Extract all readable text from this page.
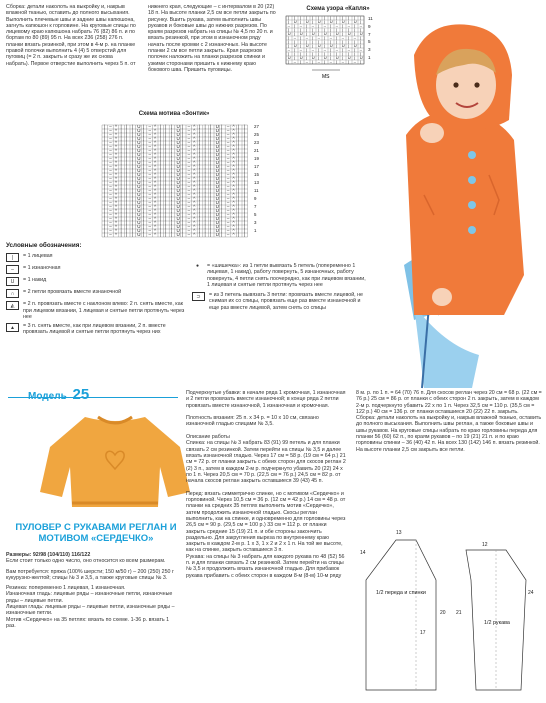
Сборка: детали наколоть на выкройку и, накрыв влажной тканью, оставить до полного высыхания. Выполнить плечевые швы и задние швы капюшона, загнуть капюшон к горловине. На круговые спицы по лицевому краю капюшона набрать 76 (82) 86 п. и по бортам по 80 (89) 95 п. На всех 236 (258) 276 п. планки вязать резинкой, при этом в 4-м р. на планке правой полочки выполнить 4 (4) 5 отверстий для пуговиц (= 2 п. закрыть и сразу же их снова набрать). Первое отверстие выполнить через 5 п. от

нижнего края, следующие – с интервалом в 20 (22) 18 п. На высоте планки 2,5 см все петли закрыть по рисунку. Вшить рукава, затем выполнить швы рукавов и боковые швы до нижних разрезов. По краям разрезов набрать на спицы № 4,5 по 20 п. и вязать резинкой, при этом в изнаночном ряду начать после кромки с 2 изнаночных. На высоте планки 2 см все петли закрыть. Края разрезов полочек наложить на планки разрезов спинки и узкими сторонами пришить к нижнему краю бокового шва. Пришить пуговицы.

Схема узора «Капля»
| | | | | | | | | | | | |
| U | U | U | U | U | U |
– | – | – | – | – | – | –
| | | | | | | | | | | | |
U | U | U | U | U | U | U
| – | – | – | – | – | – |
| | | | | | | | | | | | |
| U | U | U | U | U | U |
– | – | – | – | – | – | –
| | | | | | | | | | | | |
U | U | U | U | U | U | U
| – | – | – | – | – | – |
MS
11
9
7
5
3
1
Схема мотива «Зонтик»
| – ^ | | | U | – ^ | | | U | – ^ | | | U | – ^ | |
| – ^ | | | U | – ^ | | | U | – ^ | | | U | – ^ | |
| – ^ | | | U | – ^ | | | U | – ^ | | | U | – ^ | |
| – ^ | | | U | – ^ | | | U | – ^ | | | U | – ^ | |
| – ^ | | | U | – ^ | | | U | – ^ | | | U | – ^ | |
| – ^ | | | U | – ^ | | | U | – ^ | | | U | – ^ | |
| – ^ | | | U | – ^ | | | U | – ^ | | | U | – ^ | |
| – ^ | | | U | – ^ | | | U | – ^ | | | U | – ^ | |
| – ^ | | | U | – ^ | | | U | – ^ | | | U | – ^ | |
| – ^ | | | U | – ^ | | | U | – ^ | | | U | – ^ | |
| – ^ | | | U | – ^ | | | U | – ^ | | | U | – ^ | |
| – ^ | | | U | – ^ | | | U | – ^ | | | U | – ^ | |
| – ^ | | | U | – ^ | | | U | – ^ | | | U | – ^ | |
| – ^ | | | U | – ^ | | | U | – ^ | | | U | – ^ | |
| – ^ | | | U | – ^ | | | U | – ^ | | | U | – ^ | |
| – ^ | | | U | – ^ | | | U | – ^ | | | U | – ^ | |
| – ^ | | | U | – ^ | | | U | – ^ | | | U | – ^ | |
| – ^ | | | U | – ^ | | | U | – ^ | | | U | – ^ | |
| – ^ | | | U | – ^ | | | U | – ^ | | | U | – ^ | |
| – ^ | | | U | – ^ | | | U | – ^ | | | U | – ^ | |
| – ^ | | | U | – ^ | | | U | – ^ | | | U | – ^ | |
| – ^ | | | U | – ^ | | | U | – ^ | | | U | – ^ | |
| – ^ | | | U | – ^ | | | U | – ^ | | | U | – ^ | |
| – ^ | | | U | – ^ | | | U | – ^ | | | U | – ^ | |
| – ^ | | | U | – ^ | | | U | – ^ | | | U | – ^ | |
| – ^ | | | U | – ^ | | | U | – ^ | | | U | – ^ | |
| – ^ | | | U | – ^ | | | U | – ^ | | | U | – ^ | |
| – ^ | | | U | – ^ | | | U | – ^ | | | U | – ^ | |
27
25
23
21
19
17
15
13
11
9
7
5
3
1
Условные обозначения:
|	= 1 лицевая
–	= 1 изнаночная
U	= 1 накид
∩	= 2 петли провязать вместе изнаночной
◭	= 2 п. провязать вместе с наклоном влево: 2 п. снять вместе, как при лицевом вязании, 1 лицевая и снятые петли протянуть через нее
▲	= 3 п. снять вместе, как при лицевом вязании, 2 п. вместе провязать лицевой и снятые петли протянуть через них
●	= «шишечка»: из 1 петли вывязать 5 петель (попеременно 1 лицевая, 1 накид), работу повернуть, 5 изнаночных, работу повернуть, 4 петли снять поочередно, как при лицевом вязании, 1 лицевая и снятые петли протянуть через нее
⊃	= из 3 петель вывязать 3 петли: провязать вместе лицевой, не снимая их со спицы, провязать еще раз вместе изнаночной и еще раз вместе лицевой, затем снять со спицы
Модель 25
ПУЛОВЕР С РУКАВАМИ РЕГЛАН И МОТИВОМ «СЕРДЕЧКО»

Размеры: 92/98 (104/110) 116/122

Если стоит только одно число, оно относится ко всем размерам.

Вам потребуется: пряжа (100% шерсти; 150 м/50 г) – 200 (250) 250 г кукурузно-желтой; спицы № 3 и 3,5, а также круговые спицы № 3.

Резинка: попеременно 1 лицевая, 1 изнаночная.

Изнаночная гладь: лицевые ряды – изнаночные петли, изнаночные ряды – лицевые петли.

Лицевая гладь: лицевые ряды – лицевые петли, изнаночные ряды – изнаночные петли.

Мотив «Сердечко» на 35 петлях: вязать по схеме. 1-36 р. вязать 1 раз.

Подчеркнутые убавки: в начале ряда 1 кромочная, 1 изнаночная и 2 петли провязать вместе изнаночной; в конце ряда 2 петли провязать вместе изнаночной, 1 изнаночная и кромочная.

Плотность вязания: 25 п. х 34 р. = 10 х 10 см, связано изнаночной гладью спицами № 3,5.

Описание работы
Спинка: на спицы № 3 набрать 83 (91) 99 петель и для планки связать 2 см резинкой. Затем перейти на спицы № 3,5 и далее вязать изнаночной гладью. Через 17 см = 58 р. (19 см = 64 р.) 21 см = 72 р. от планки закрыть с обеих сторон для скосов реглан 2 (2) 3 п., затем в каждом 2-м р. подчеркнуто убавить 20 (22) 24 x по 1 п. Через 20,5 см = 70 р. (22,5 см = 76 р.) 24,5 см = 82 р. от начала скосов реглан закрыть оставшиеся 39 (43) 45 п.

Перед: вязать симметрично спинке, но с мотивом «Сердечко» и горловиной. Через 10,5 см = 36 р. (12 см = 42 р.) 14 см = 48 р. от планки на средних 35 петлях выполнить мотив «Сердечко», затем продолжить изнаночной гладью. Скосы реглан выполнить, как на спинке, и одновременно для горловины через 26,5 см = 90 р. (29,5 см = 100 р.) 33 см = 112 р. от планки закрыть средние 15 (19) 21 п. и обе стороны закончить раздельно. Для закругления выреза по внутреннему краю закрыть в каждом 2-м р. 1 x 3, 1 x 2 и 2 x 1 п. На той же высоте, как на спинке, закрыть оставшиеся 3 п.
Рукава: на спицы № 3 набрать для каждого рукава по 48 (52) 56 п. и для планки связать 2 см резинкой. Затем перейти на спицы № 3,5 и продолжить вязать изнаночной гладью. Для прибавок рукава прибавить с обеих сторон в каждом 8-м (8-м) 10-м ряду

8 м. р. по 1 п. = 64 (70) 76 п. Для скосов реглан через 20 см = 68 р. (22 см = 76 р.) 25 см = 86 р. от планки с обеих сторон 2 п. закрыть, затем в каждом 2-м р. подчеркнуто убавить 22 х по 1 п. Через 32,5 см = 110 р. (35,5 см = 122 р.) 40 см = 136 р. от планки оставшиеся 20 (22) 22 п. закрыть.
Сборка: детали наколоть на выкройку и, накрыв влажной тканью, оставить до полного высыхания. Выполнить швы реглан, а также боковые швы и швы рукавов. На круговые спицы набрать по краю горловины переда для планки 56 (60) 62 п., по краям рукавов – по 19 (21) 21 п. и по краю горловины спинки – 36 (40) 42 п. На всех 130 (142) 146 п. вязать резинкой. На высоте планки 2,5 см закрыть все петли.

1/2 переда и спинки
1/2 рукава
14
17
20
24
21
12
13
